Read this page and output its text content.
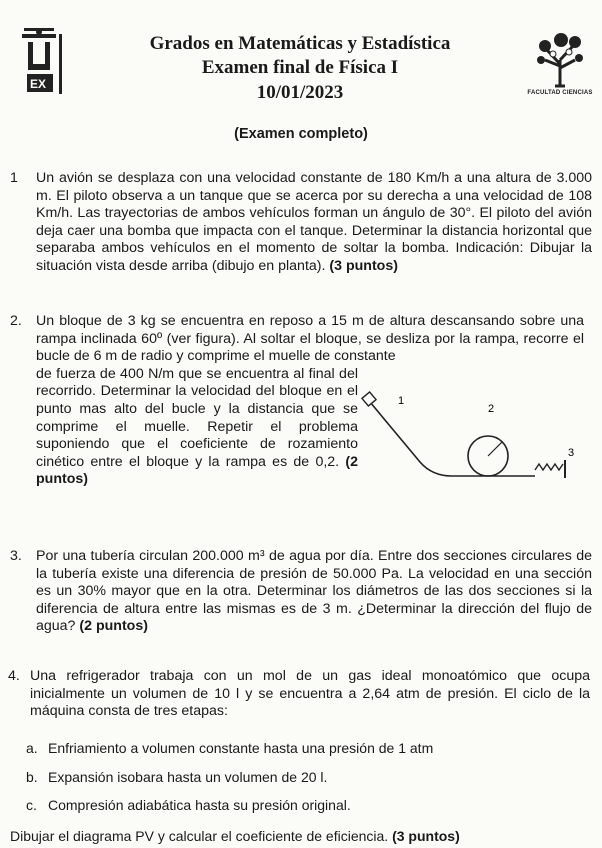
EX
Grados en Matemáticas y Estadística
Examen final de Física I
10/01/2023	FACULTAD CIENCIAS
(Examen completo)
1 Un avión se desplaza con una velocidad constante de 180 Km/h a una altura de 3.000 m. El piloto observa a un tanque que se acerca por su derecha a una velocidad de 108 Km/h. Las trayectorias de ambos vehículos forman un ángulo de 30°. El piloto del avión deja caer una bomba que impacta con el tanque. Determinar la distancia horizontal que separaba ambos vehículos en el momento de soltar la bomba. Indicación: Dibujar la situación vista desde arriba (dibujo en planta). (3 puntos)
2. Un bloque de 3 kg se encuentra en reposo a 15 m de altura descansando sobre una rampa inclinada 60º (ver figura). Al soltar el bloque, se desliza por la rampa, recorre el bucle de 6 m de radio y comprime el muelle de constante
de fuerza de 400 N/m que se encuentra al final del recorrido. Determinar la velocidad del bloque en el punto mas alto del bucle y la distancia que se comprime el muelle. Repetir el problema suponiendo que el coeficiente de rozamiento cinético entre el bloque y la rampa es de 0,2. (2 puntos)
1
2
3
3. Por una tubería circulan 200.000 m³ de agua por día. Entre dos secciones circulares de la tubería existe una diferencia de presión de 50.000 Pa. La velocidad en una sección es un 30% mayor que en la otra. Determinar los diámetros de las dos secciones si la diferencia de altura entre las mismas es de 3 m. ¿Determinar la dirección del flujo de agua? (2 puntos)
4. Una refrigerador trabaja con un mol de un gas ideal monoatómico que ocupa inicialmente un volumen de 10 l y se encuentra a 2,64 atm de presión. El ciclo de la máquina consta de tres etapas:
a. Enfriamiento a volumen constante hasta una presión de 1 atm
b. Expansión isobara hasta un volumen de 20 l.
c. Compresión adiabática hasta su presión original.
Dibujar el diagrama PV y calcular el coeficiente de eficiencia. (3 puntos)
